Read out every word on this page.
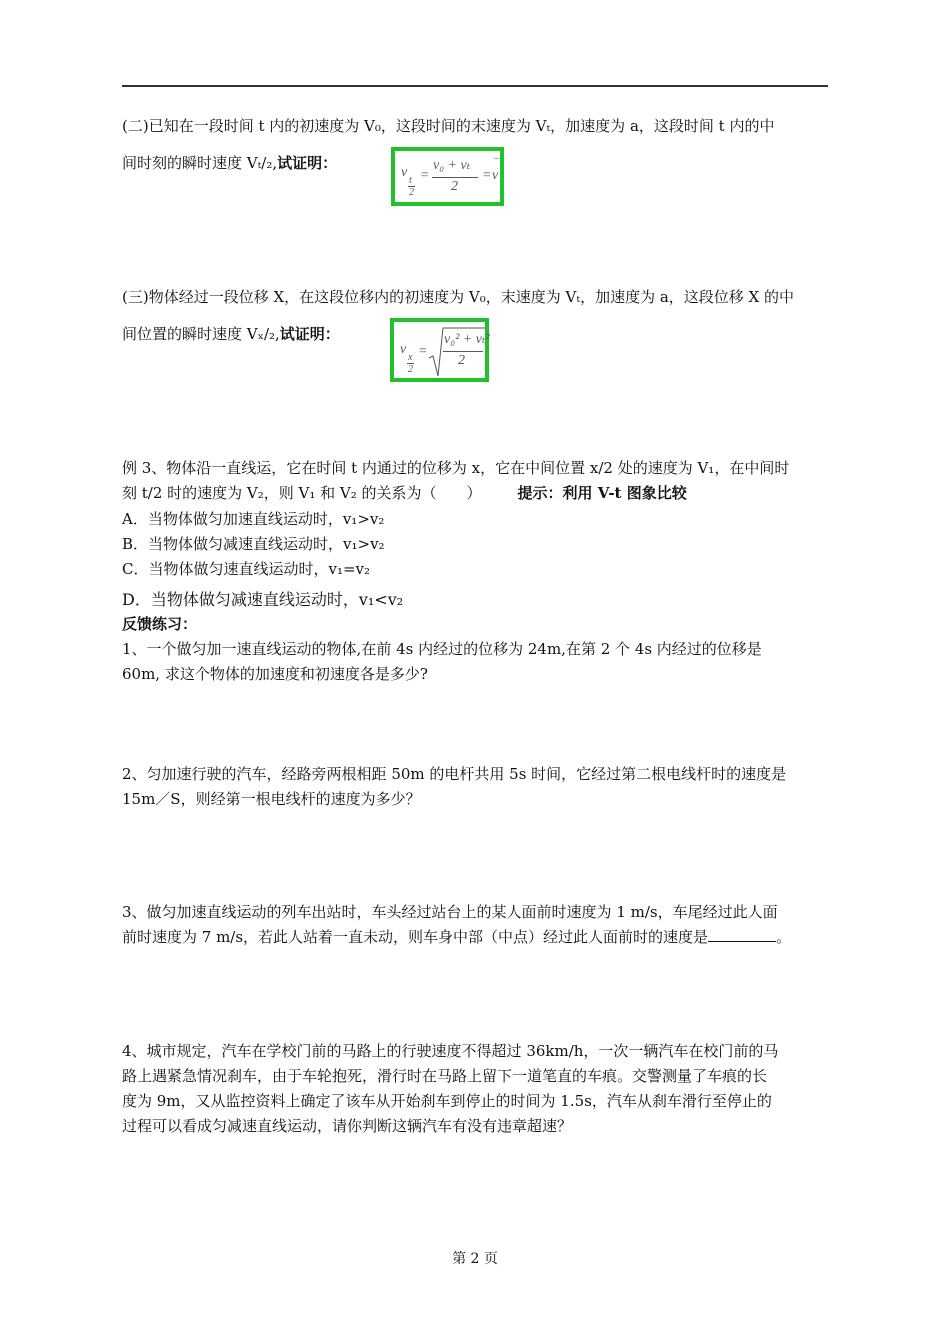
(二)已知在一段时间 t 内的初速度为 V₀，这段时间的末速度为 Vₜ，加速度为 a，这段时间 t 内的中
间时刻的瞬时速度 Vₜ/₂,试证明：
v
t
2
=
v₀ + vₜ
2
=
−
v
(三)物体经过一段位移 X，在这段位移内的初速度为 V₀，末速度为 Vₜ，加速度为 a，这段位移 X 的中
间位置的瞬时速度 Vₓ/₂,试证明：
v
x
2
=
v₀² + vₜ²
2
例 3、物体沿一直线运，它在时间 t 内通过的位移为 x，它在中间位置 x/2 处的速度为 V₁，在中间时
刻 t/2 时的速度为 V₂，则 V₁ 和 V₂ 的关系为（　　） 提示：利用 V-t 图象比较
A．当物体做匀加速直线运动时，v₁>v₂
B．当物体做匀减速直线运动时，v₁>v₂
C．当物体做匀速直线运动时，v₁=v₂
D．当物体做匀减速直线运动时，v₁<v₂
反馈练习：
1、一个做匀加一速直线运动的物体,在前 4s 内经过的位移为 24m,在第 2 个 4s 内经过的位移是
60m, 求这个物体的加速度和初速度各是多少?
2、匀加速行驶的汽车，经路旁两根相距 50m 的电杆共用 5s 时间，它经过第二根电线杆时的速度是
15m／S，则经第一根电线杆的速度为多少？
3、做匀加速直线运动的列车出站时，车头经过站台上的某人面前时速度为 1 m/s，车尾经过此人面
前时速度为 7 m/s，若此人站着一直未动，则车身中部（中点）经过此人面前时的速度是	。
4、城市规定，汽车在学校门前的马路上的行驶速度不得超过 36km/h，一次一辆汽车在校门前的马
路上遇紧急情况刹车，由于车轮抱死，滑行时在马路上留下一道笔直的车痕。交警测量了车痕的长
度为 9m，又从监控资料上确定了该车从开始刹车到停止的时间为 1.5s，汽车从刹车滑行至停止的
过程可以看成匀减速直线运动，请你判断这辆汽车有没有违章超速？
第 2 页
